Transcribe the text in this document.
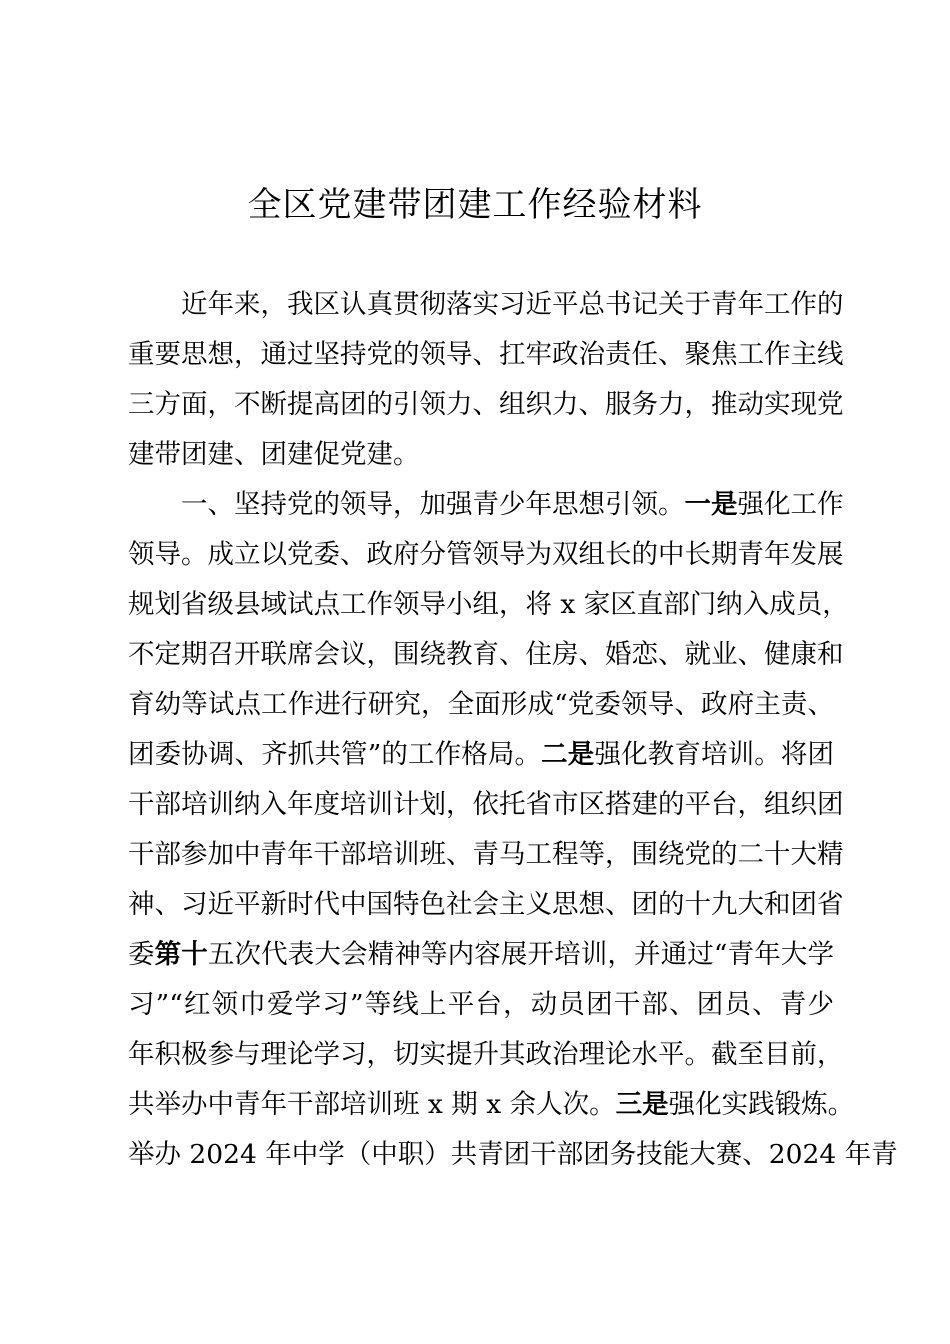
全区党建带团建工作经验材料
近年来，我区认真贯彻落实习近平总书记关于青年工作的
重要思想，通过坚持党的领导、扛牢政治责任、聚焦工作主线
三方面，不断提高团的引领力、组织力、服务力，推动实现党
建带团建、团建促党建。
一、坚持党的领导，加强青少年思想引领。一是强化工作
领导。成立以党委、政府分管领导为双组长的中长期青年发展
规划省级县域试点工作领导小组，将 x 家区直部门纳入成员，
不定期召开联席会议，围绕教育、住房、婚恋、就业、健康和
育幼等试点工作进行研究，全面形成“党委领导、政府主责、
团委协调、齐抓共管”的工作格局。二是强化教育培训。将团
干部培训纳入年度培训计划，依托省市区搭建的平台，组织团
干部参加中青年干部培训班、青马工程等，围绕党的二十大精
神、习近平新时代中国特色社会主义思想、团的十九大和团省
委第十五次代表大会精神等内容展开培训，并通过“青年大学
习”“红领巾爱学习”等线上平台，动员团干部、团员、青少
年积极参与理论学习，切实提升其政治理论水平。截至目前，
共举办中青年干部培训班 x 期 x 余人次。三是强化实践锻炼。
举办 2024 年中学（中职）共青团干部团务技能大赛、2024 年青
